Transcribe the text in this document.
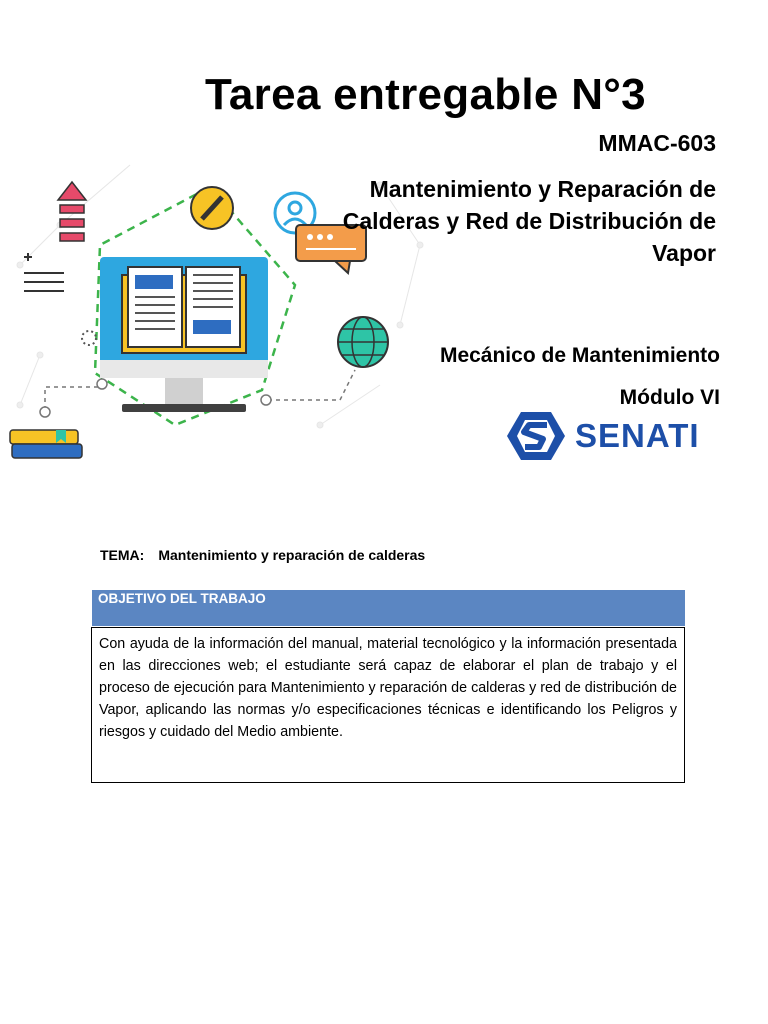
Tarea entregable N°3
MMAC-603
Mantenimiento y Reparación de Calderas y Red de Distribución de Vapor
Mecánico de Mantenimiento
Módulo VI
SENATI
TEMA: Mantenimiento y reparación de calderas
OBJETIVO DEL TRABAJO
Con ayuda de la información del manual, material tecnológico y la información presentada en las direcciones web; el estudiante será capaz de elaborar el plan de trabajo y el proceso de ejecución para Mantenimiento y reparación de calderas y red de distribución de Vapor, aplicando las normas y/o especificaciones técnicas e identificando los Peligros y riesgos y cuidado del Medio ambiente.
